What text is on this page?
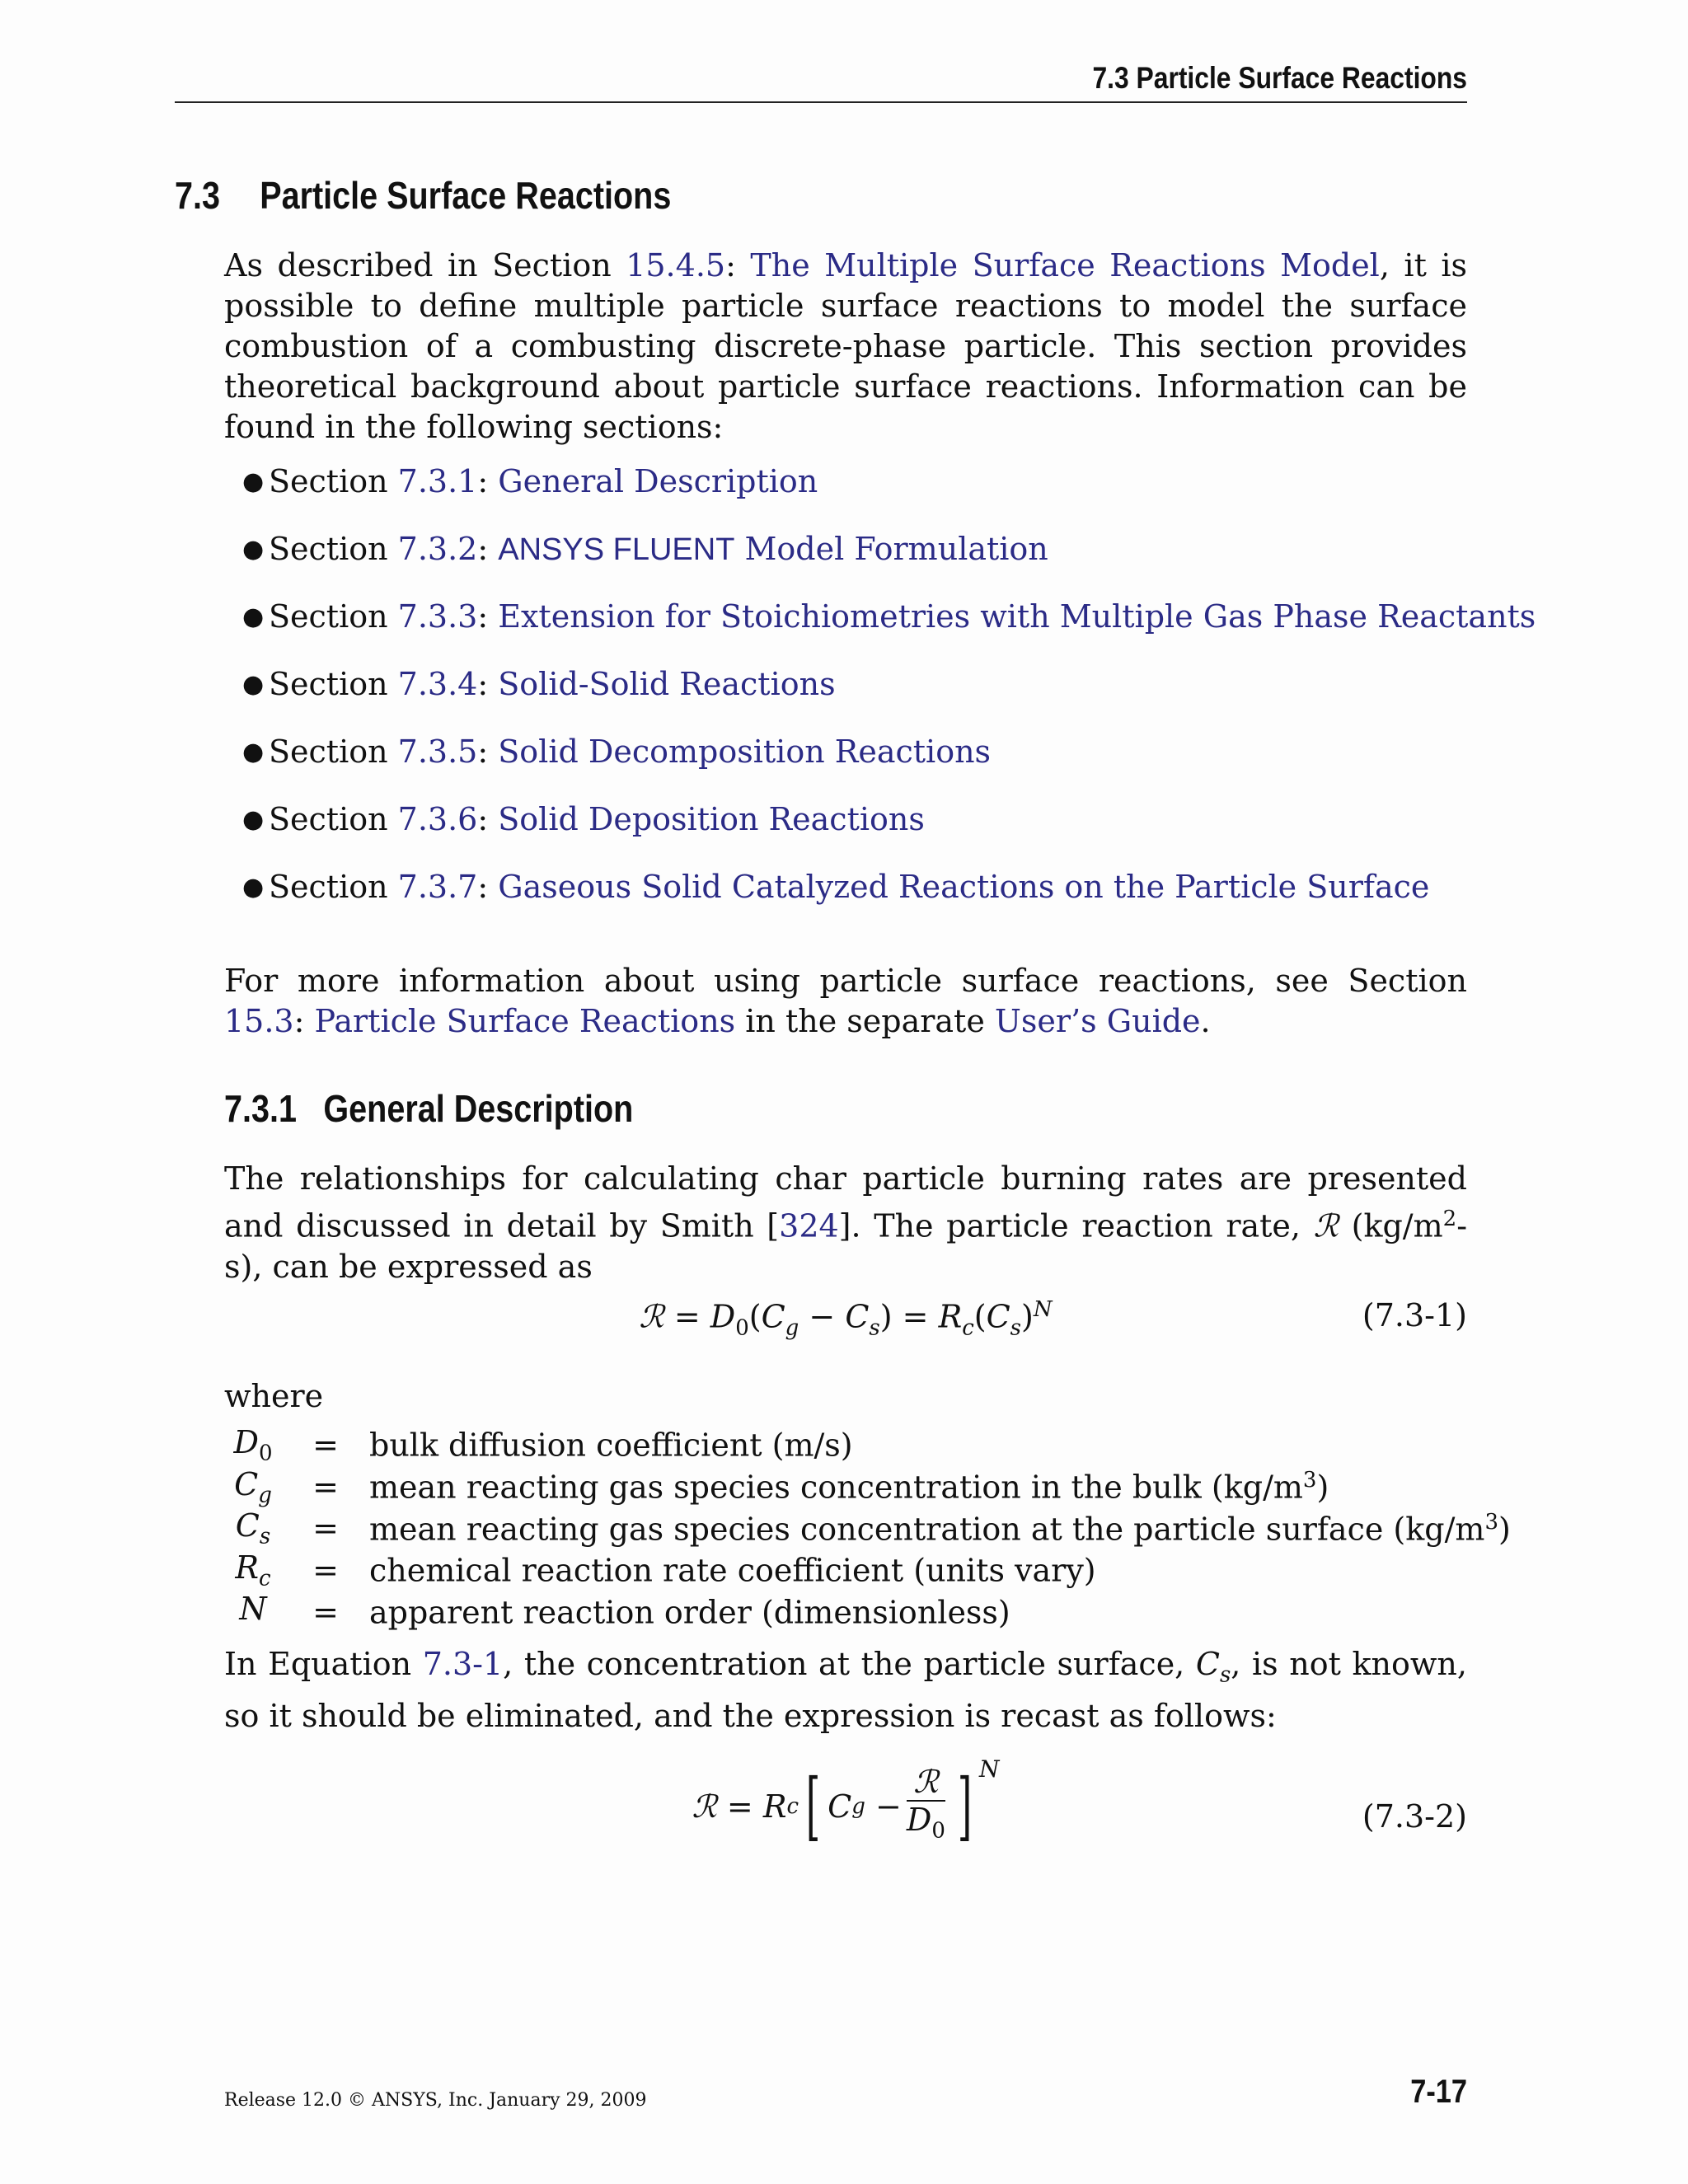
7.3 Particle Surface Reactions
7.3 Particle Surface Reactions

As described in Section 15.4.5: The Multiple Surface Reactions Model, it is possible to define multiple particle surface reactions to model the surface combustion of a combusting discrete-phase particle. This section provides theoretical background about particle surface reactions. Information can be found in the following sections:

● Section 7.3.1: General Description
● Section 7.3.2: ANSYS FLUENT Model Formulation
● Section 7.3.3: Extension for Stoichiometries with Multiple Gas Phase Reactants
● Section 7.3.4: Solid-Solid Reactions
● Section 7.3.5: Solid Decomposition Reactions
● Section 7.3.6: Solid Deposition Reactions
● Section 7.3.7: Gaseous Solid Catalyzed Reactions on the Particle Surface

For more information about using particle surface reactions, see Section 15.3: Particle Surface Reactions in the separate User’s Guide.

7.3.1 General Description

The relationships for calculating char particle burning rates are presented and discussed in detail by Smith [324]. The particle reaction rate, ℛ $(kg/m^2-s)$, can be expressed as

ℛ = $D_0(C_g - C_s) = R_c(C_s)^N$	(7.3-1)

where

$D_0$	=	bulk diffusion coefficient (m/s)
$C_g$	=	mean reacting gas species concentration in the bulk $(kg/m^3)$
$C_s$	=	mean reacting gas species concentration at the particle surface $(kg/m^3)$
$R_c$	=	chemical reaction rate coefficient (units vary)
N	=	apparent reaction order (dimensionless)

In Equation 7.3-1, the concentration at the particle surface, $C_s$, is not known, so it should be eliminated, and the expression is recast as follows:

ℛ
=
R c [ C g
− $\frac{\text{ℛ}}{D_0}$ ] N
(7.3-2)
Release 12.0 © ANSYS, Inc. January 29, 2009	7-17
